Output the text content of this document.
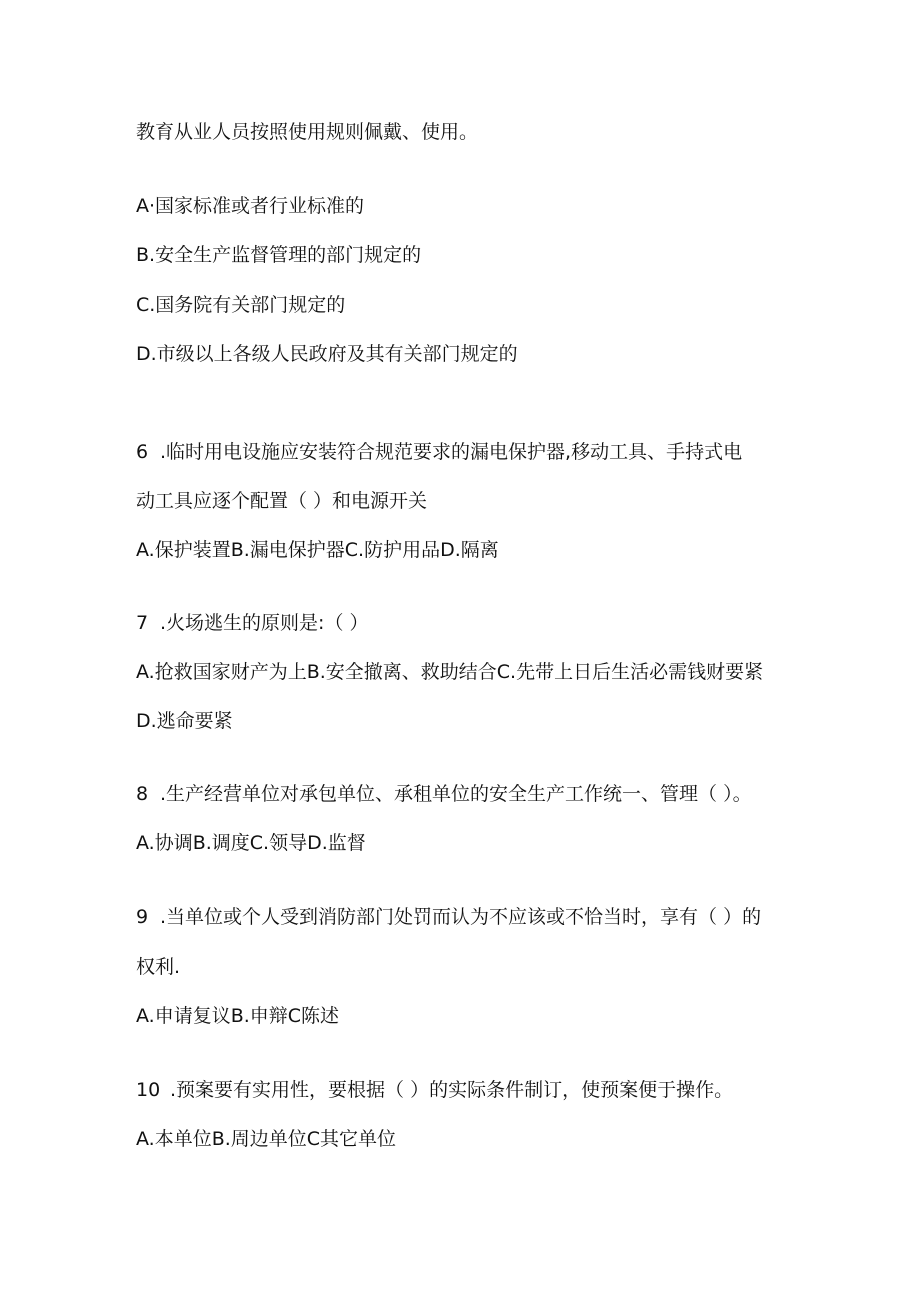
教育从业人员按照使用规则佩戴、使用。
A·国家标准或者行业标准的
B.安全生产监督管理的部门规定的
C.国务院有关部门规定的
D.市级以上各级人民政府及其有关部门规定的
6 .临时用电设施应安装符合规范要求的漏电保护器,移动工具、手持式电
动工具应逐个配置（ ）和电源开关
A.保护装置B.漏电保护器C.防护用品D.隔离
7 .火场逃生的原则是:（ ）
A.抢救国家财产为上B.安全撤离、救助结合C.先带上日后生活必需钱财要紧
D.逃命要紧
8 .生产经营单位对承包单位、承租单位的安全生产工作统一、管理（ ）。
A.协调B.调度C.领导D.监督
9 .当单位或个人受到消防部门处罚而认为不应该或不恰当时，享有（ ）的
权利.
A.申请复议B.申辩C陈述
10 .预案要有实用性，要根据（ ）的实际条件制订，使预案便于操作。
A.本单位B.周边单位C其它单位
